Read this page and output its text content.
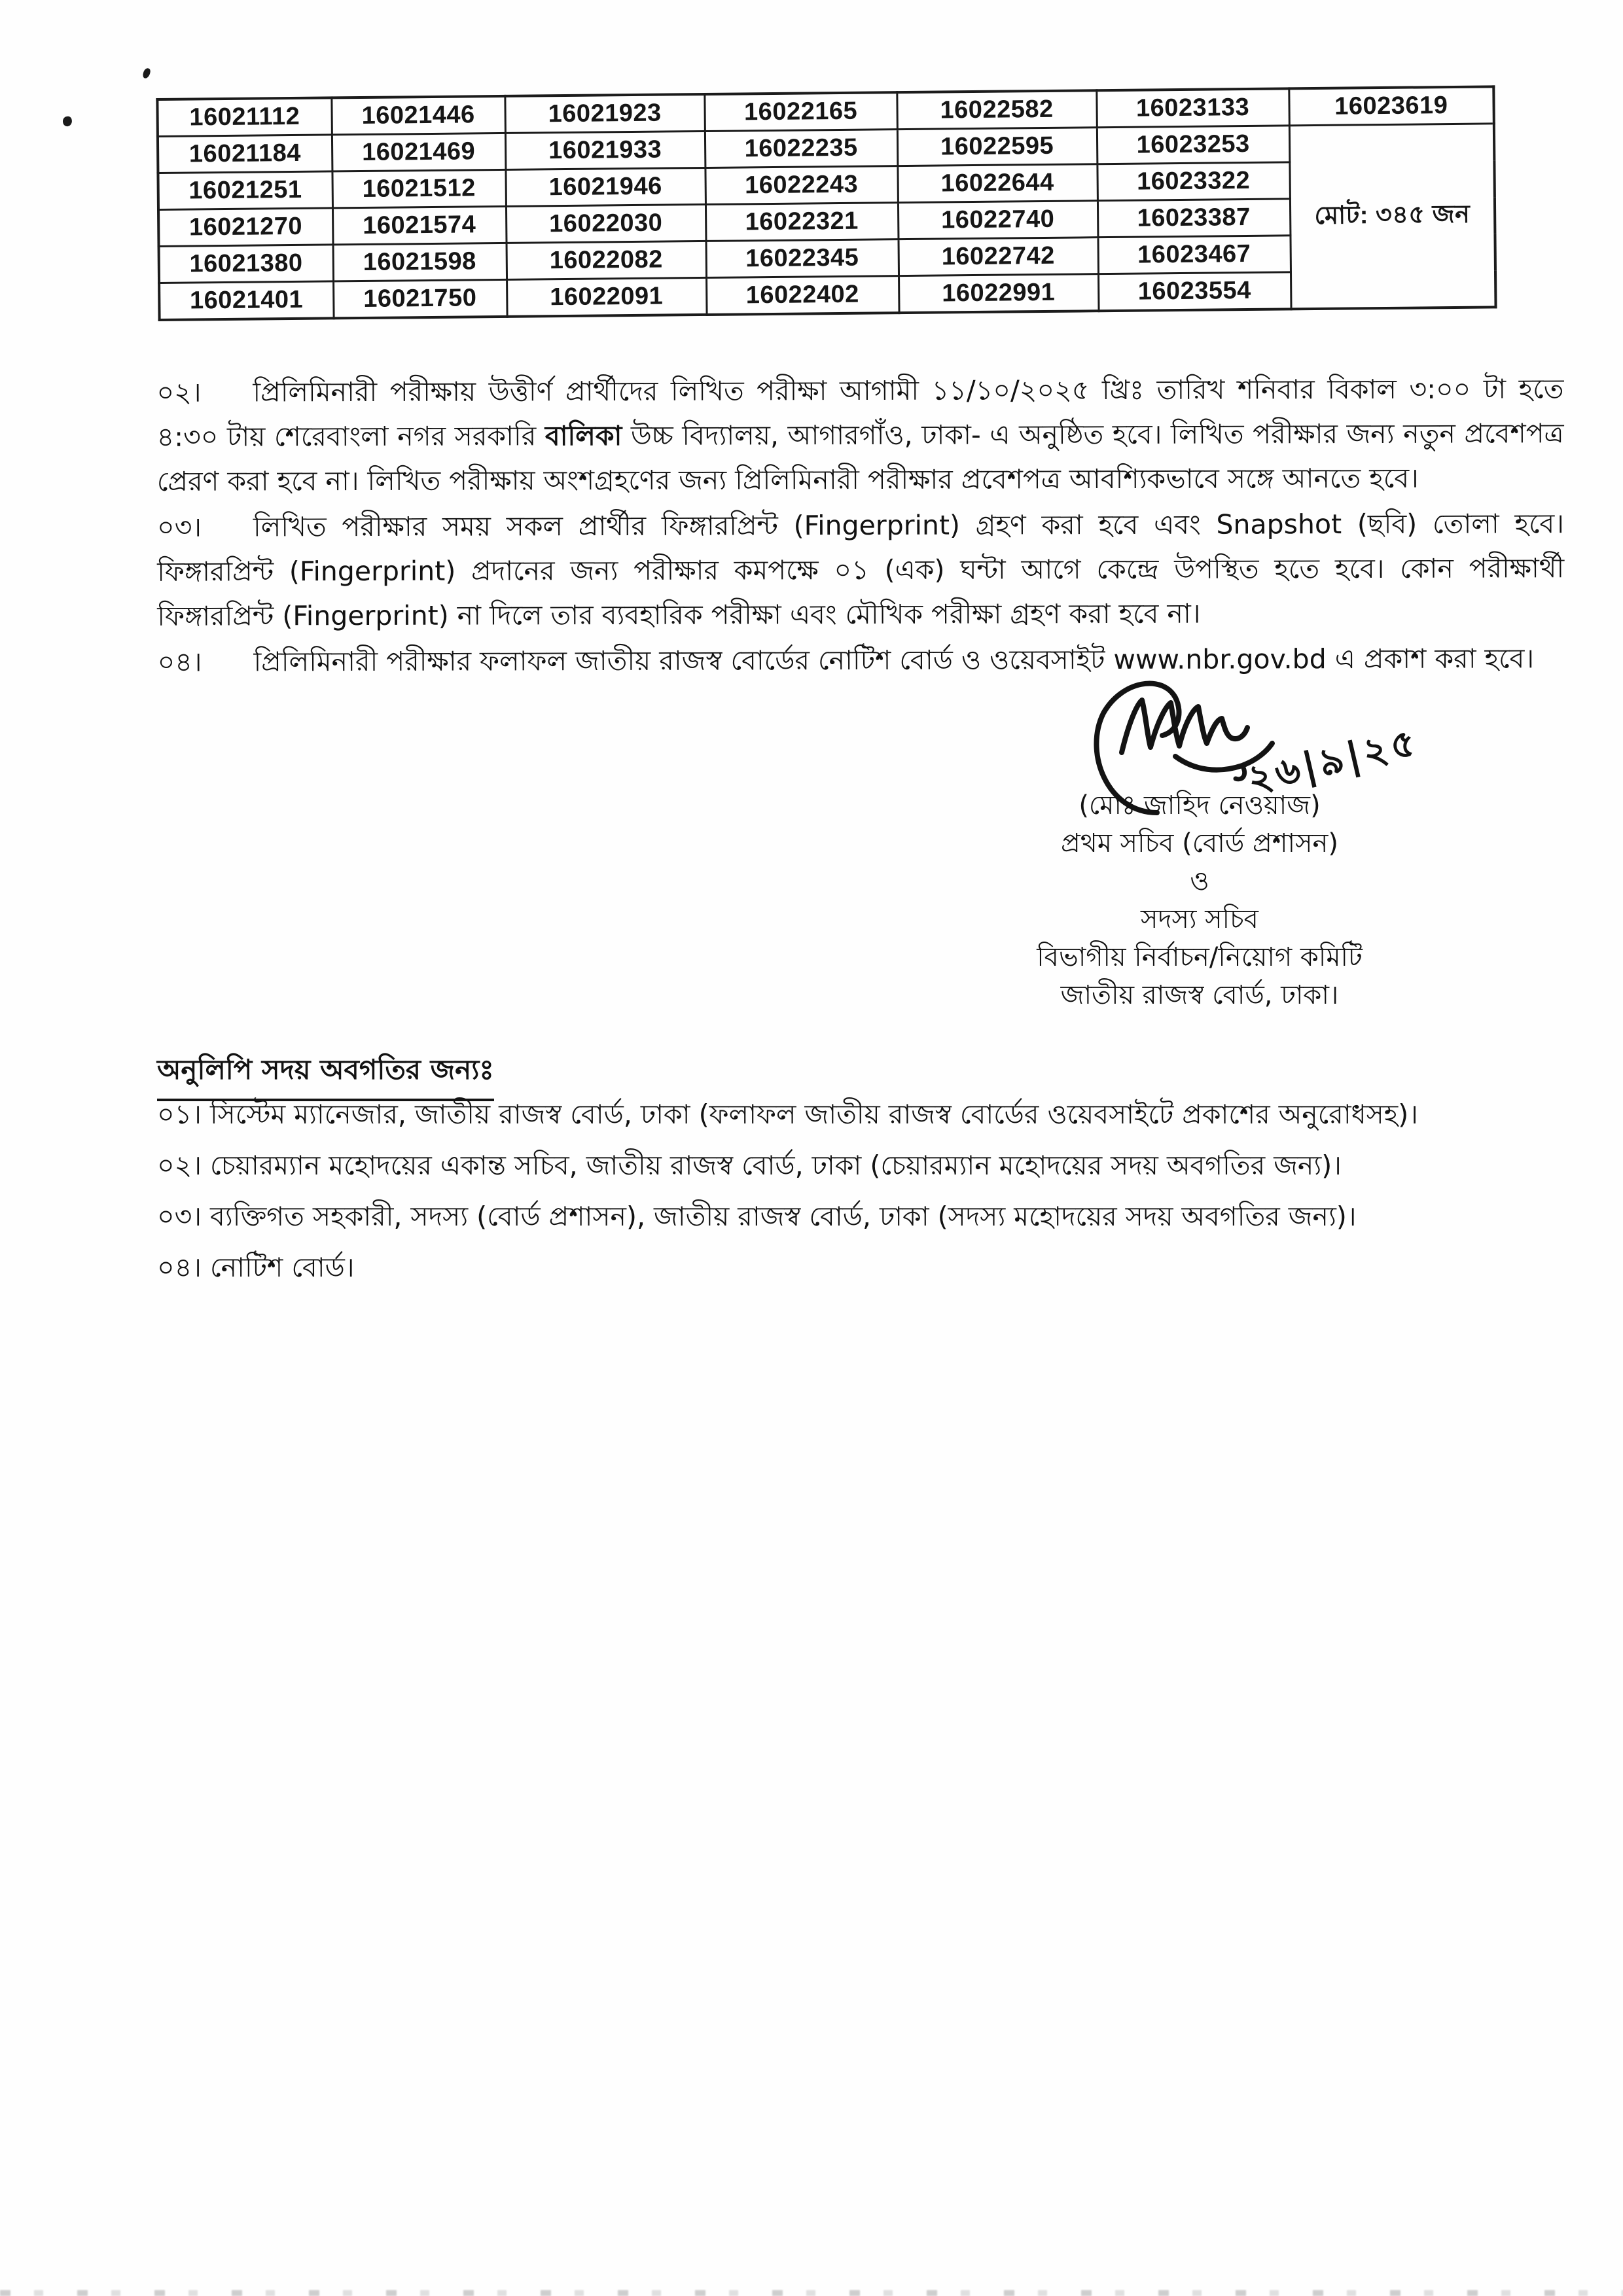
16021112	16021446	16021923	16022165	16022582	16023133	16023619
16021184	16021469	16021933	16022235	16022595	16023253	মোট: ৩৪৫ জন
16021251	16021512	16021946	16022243	16022644	16023322	
16021270	16021574	16022030	16022321	16022740	16023387	
16021380	16021598	16022082	16022345	16022742	16023467	
16021401	16021750	16022091	16022402	16022991	16023554	

০২। প্রিলিমিনারী পরীক্ষায় উত্তীর্ণ প্রার্থীদের লিখিত পরীক্ষা আগামী ১১/১০/২০২৫ খ্রিঃ তারিখ শনিবার বিকাল ৩:০০ টা হতে ৪:৩০ টায় শেরেবাংলা নগর সরকারি বালিকা উচ্চ বিদ্যালয়, আগারগাঁও, ঢাকা- এ অনুষ্ঠিত হবে। লিখিত পরীক্ষার জন্য নতুন প্রবেশপত্র প্রেরণ করা হবে না। লিখিত পরীক্ষায় অংশগ্রহণের জন্য প্রিলিমিনারী পরীক্ষার প্রবেশপত্র আবশ্যিকভাবে সঙ্গে আনতে হবে।

০৩। লিখিত পরীক্ষার সময় সকল প্রার্থীর ফিঙ্গারপ্রিন্ট (Fingerprint) গ্রহণ করা হবে এবং Snapshot (ছবি) তোলা হবে। ফিঙ্গারপ্রিন্ট (Fingerprint) প্রদানের জন্য পরীক্ষার কমপক্ষে ০১ (এক) ঘন্টা আগে কেন্দ্রে উপস্থিত হতে হবে। কোন পরীক্ষার্থী ফিঙ্গারপ্রিন্ট (Fingerprint) না দিলে তার ব্যবহারিক পরীক্ষা এবং মৌখিক পরীক্ষা গ্রহণ করা হবে না।

০৪। প্রিলিমিনারী পরীক্ষার ফলাফল জাতীয় রাজস্ব বোর্ডের নোটিশ বোর্ড ও ওয়েবসাইট www.nbr.gov.bd এ প্রকাশ করা হবে।

২৬|৯|২৫
(মোঃ জাহিদ নেওয়াজ)
প্রথম সচিব (বোর্ড প্রশাসন)
ও
সদস্য সচিব
বিভাগীয় নির্বাচন/নিয়োগ কমিটি
জাতীয় রাজস্ব বোর্ড, ঢাকা।
অনুলিপি সদয় অবগতির জন্যঃ
০১। সিস্টেম ম্যানেজার, জাতীয় রাজস্ব বোর্ড, ঢাকা (ফলাফল জাতীয় রাজস্ব বোর্ডের ওয়েবসাইটে প্রকাশের অনুরোধসহ)।
০২। চেয়ারম্যান মহোদয়ের একান্ত সচিব, জাতীয় রাজস্ব বোর্ড, ঢাকা (চেয়ারম্যান মহোদয়ের সদয় অবগতির জন্য)।
০৩। ব্যক্তিগত সহকারী, সদস্য (বোর্ড প্রশাসন), জাতীয় রাজস্ব বোর্ড, ঢাকা (সদস্য মহোদয়ের সদয় অবগতির জন্য)।
০৪। নোটিশ বোর্ড।
